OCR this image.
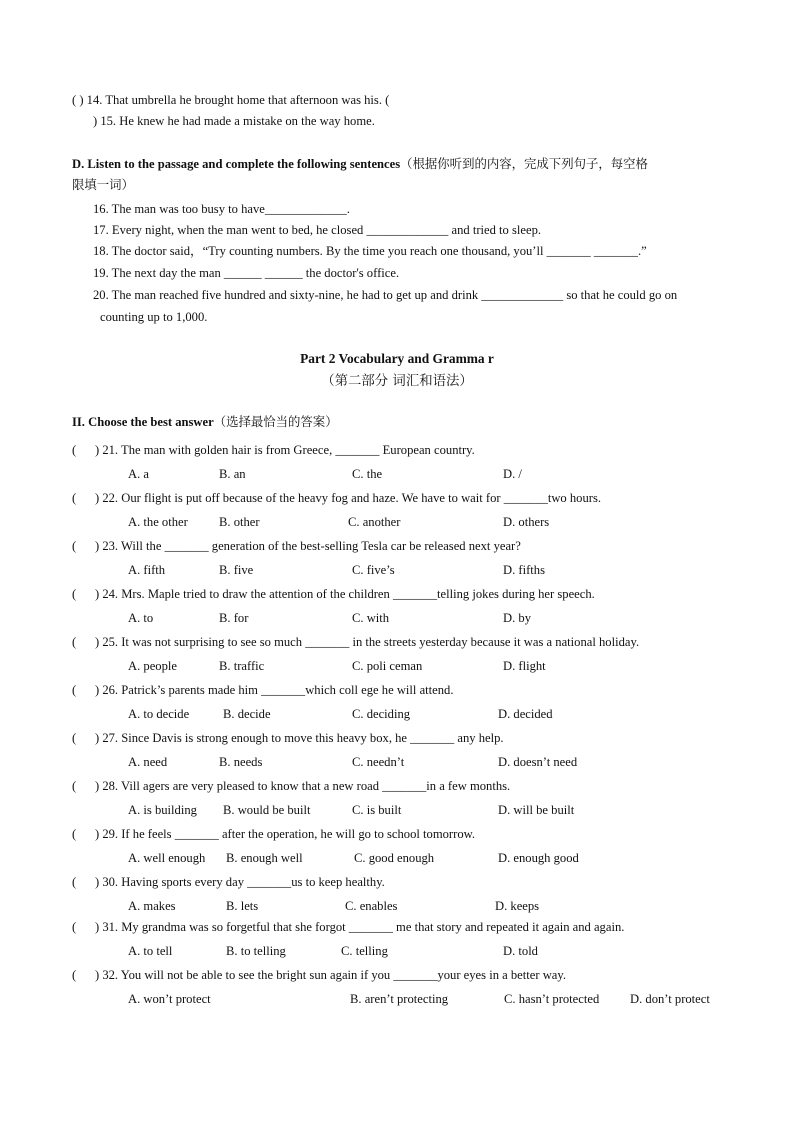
( ) 14. That umbrella he brought home that afternoon was his. (
) 15. He knew he had made a mistake on the way home.
D. Listen to the passage and complete the following sentences（根据你听到的内容，完成下列句子，每空格
限填一词）
16. The man was too busy to have_____________.
17. Every night, when the man went to bed, he closed _____________ and tried to sleep.
18. The doctor said，“Try counting numbers. By the time you reach one thousand, you’ll _______ _______.”
19. The next day the man ______ ______ the doctor's office.
20. The man reached five hundred and sixty-nine, he had to get up and drink _____________ so that he could go on
counting up to 1,000.
Part 2 Vocabulary and Gramma r
（第二部分 词汇和语法）
II. Choose the best answer（选择最恰当的答案）
( ) 21. The man with golden hair is from Greece, _______ European country.
A. a	B. an	C. the	D. /
( ) 22. Our flight is put off because of the heavy fog and haze. We have to wait for _______two hours.
A. the other B. other	C. another	D. others
( ) 23. Will the _______ generation of the best-selling Tesla car be released next year?
A. fifth	B. five	C. five’s	D. fifths
( ) 24. Mrs. Maple tried to draw the attention of the children _______telling jokes during her speech.
A. to	B. for	C. with	D. by
( ) 25. It was not surprising to see so much _______ in the streets yesterday because it was a national holiday.
A. people	B. traffic	C. poli ceman	D. flight
( ) 26. Patrick’s parents made him _______which coll ege he will attend.
A. to decide	B. decide	C. deciding	D. decided
( ) 27. Since Davis is strong enough to move this heavy box, he _______ any help.
A. need	B. needs	C. needn’t	D. doesn’t need
( ) 28. Vill agers are very pleased to know that a new road _______in a few months.
A. is building B. would be built	C. is built	D. will be built
( ) 29. If he feels _______ after the operation, he will go to school tomorrow.
A. well enough B. enough well	C. good enough	D. enough good
( ) 30. Having sports every day _______us to keep healthy.
A. makes	B. lets	C. enables	D. keeps
( ) 31. My grandma was so forgetful that she forgot _______ me that story and repeated it again and again.
A. to tell	B. to telling	C. telling	D. told
( ) 32. You will not be able to see the bright sun again if you _______your eyes in a better way.
A. won’t protect	B. aren’t protecting	C. hasn’t protected D. don’t protect
